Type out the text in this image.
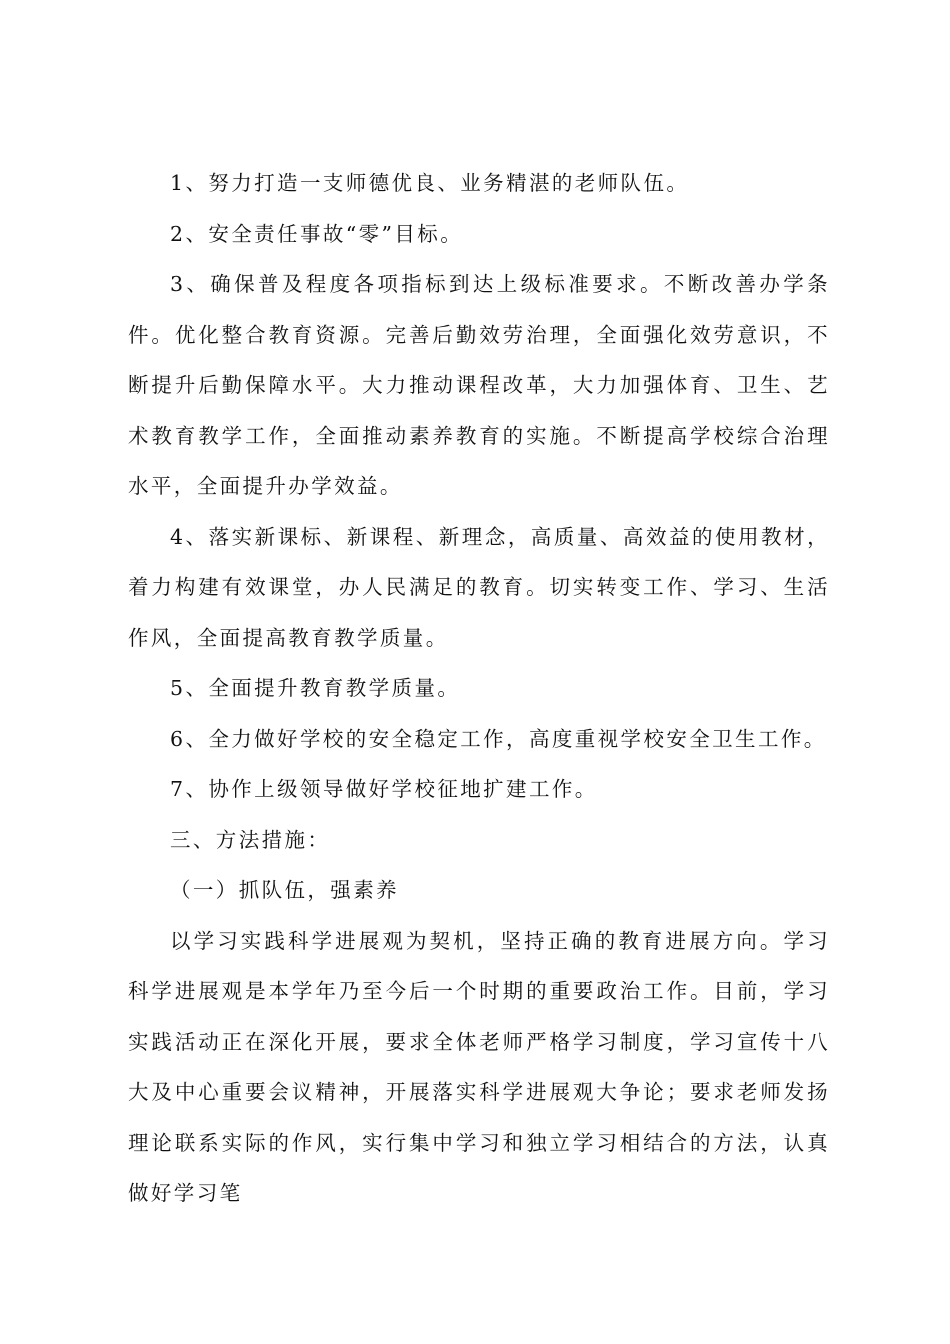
1、努力打造一支师德优良、业务精湛的老师队伍。

2、安全责任事故“零”目标。

3、确保普及程度各项指标到达上级标准要求。不断改善办学条件。优化整合教育资源。完善后勤效劳治理，全面强化效劳意识，不断提升后勤保障水平。大力推动课程改革，大力加强体育、卫生、艺术教育教学工作，全面推动素养教育的实施。不断提高学校综合治理水平，全面提升办学效益。

4、落实新课标、新课程、新理念，高质量、高效益的使用教材，着力构建有效课堂，办人民满足的教育。切实转变工作、学习、生活作风，全面提高教育教学质量。

5、全面提升教育教学质量。

6、全力做好学校的安全稳定工作，高度重视学校安全卫生工作。

7、协作上级领导做好学校征地扩建工作。

三、方法措施：

（一）抓队伍，强素养

以学习实践科学进展观为契机，坚持正确的教育进展方向。学习科学进展观是本学年乃至今后一个时期的重要政治工作。目前，学习实践活动正在深化开展，要求全体老师严格学习制度，学习宣传十八大及中心重要会议精神，开展落实科学进展观大争论；要求老师发扬理论联系实际的作风，实行集中学习和独立学习相结合的方法，认真做好学习笔
